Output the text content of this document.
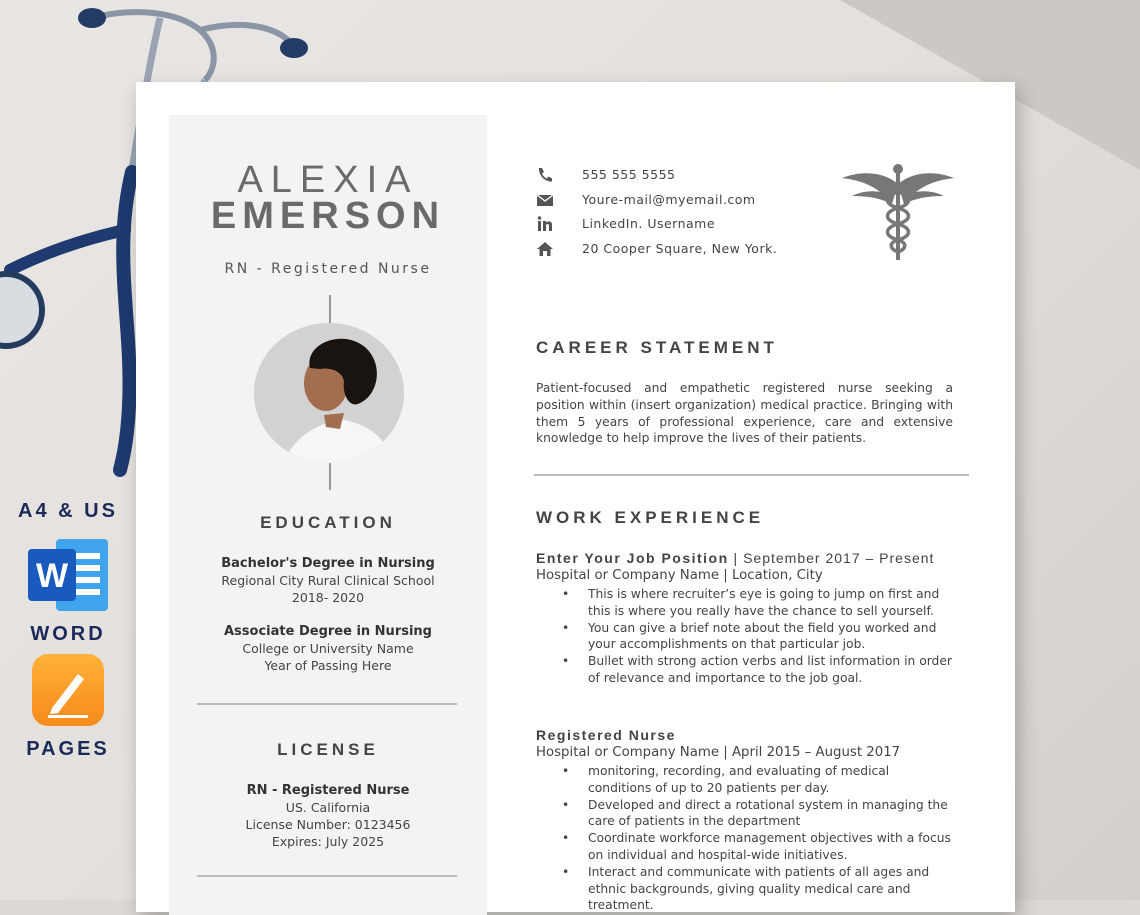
A4 & US
W
WORD
PAGES
ALEXIA
EMERSON
RN - Registered Nurse
EDUCATION
Bachelor's Degree in Nursing
Regional City Rural Clinical School
2018- 2020
Associate Degree in Nursing
College or University Name
Year of Passing Here
LICENSE
RN - Registered Nurse
US. California
License Number: 0123456
Expires: July 2025
555 555 5555
Youre-mail@myemail.com
LinkedIn. Username
20 Cooper Square, New York.
CAREER STATEMENT
Patient-focused and empathetic registered nurse seeking a position within (insert organization) medical practice. Bringing with them 5 years of professional experience, care and extensive knowledge to help improve the lives of their patients.
WORK EXPERIENCE
Enter Your Job Position | September 2017 – Present
Hospital or Company Name | Location, City
• This is where recruiter’s eye is going to jump on first and this is where you really have the chance to sell yourself.
• You can give a brief note about the field you worked and your accomplishments on that particular job.
• Bullet with strong action verbs and list information in order of relevance and importance to the job goal.
Registered Nurse
Hospital or Company Name | April 2015 – August 2017
• monitoring, recording, and evaluating of medical conditions of up to 20 patients per day.
• Developed and direct a rotational system in managing the care of patients in the department
• Coordinate workforce management objectives with a focus on individual and hospital-wide initiatives.
• Interact and communicate with patients of all ages and ethnic backgrounds, giving quality medical care and treatment.
